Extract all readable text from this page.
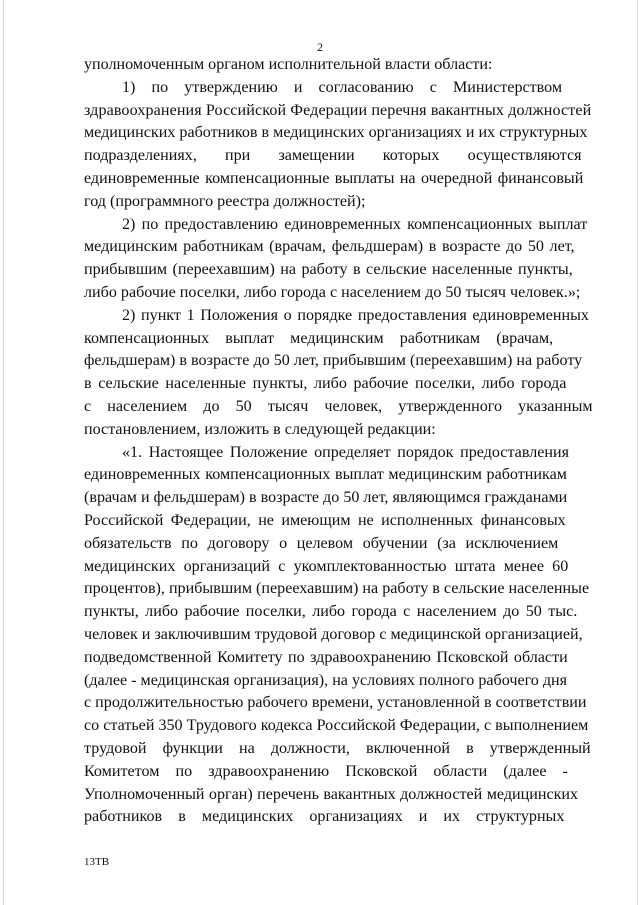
2

уполномоченным органом исполнительной власти области:

1)    по    утверждению    и    согласованию    с    Министерством
здравоохранения Российской Федерации перечня вакантных должностей
медицинских работников в медицинских организациях и их структурных
подразделениях,       при       замещении       которых       осуществляются
единовременные компенсационные выплаты на очередной финансовый
год (программного реестра должностей);

2) по предоставлению единовременных компенсационных выплат
медицинским работникам (врачам, фельдшерам) в возрасте до 50 лет,
прибывшим (переехавшим) на работу в сельские населенные пункты,
либо рабочие поселки, либо города с населением до 50 тысяч человек.»;

2) пункт 1 Положения о порядке предоставления единовременных
компенсационных    выплат    медицинским    работникам    (врачам,
фельдшерам) в возрасте до 50 лет, прибывшим (переехавшим) на работу
в сельские населенные пункты, либо рабочие поселки, либо города
с    населением    до    50    тысяч    человек,    утвержденного    указанным
постановлением, изложить в следующей редакции:

«1. Настоящее Положение определяет порядок предоставления
единовременных компенсационных выплат медицинским работникам
(врачам и фельдшерам) в возрасте до 50 лет, являющимся гражданами
Российской Федерации, не имеющим не исполненных финансовых
обязательств по договору о целевом обучении (за исключением
медицинских организаций с укомплектованностью штата менее 60
процентов), прибывшим (переехавшим) на работу в сельские населенные
пункты, либо рабочие поселки, либо города с населением до 50 тыс.
человек и заключившим трудовой договор с медицинской организацией,
подведомственной Комитету по здравоохранению Псковской области
(далее - медицинская организация), на условиях полного рабочего дня
с продолжительностью рабочего времени, установленной в соответствии
со статьей 350 Трудового кодекса Российской Федерации, с выполнением
трудовой    функции    на    должности,    включенной    в    утвержденный
Комитетом    по    здравоохранению    Псковской    области    (далее    -
Уполномоченный орган) перечень вакантных должностей медицинских
работников    в    медицинских    организациях    и    их    структурных

13ТВ
